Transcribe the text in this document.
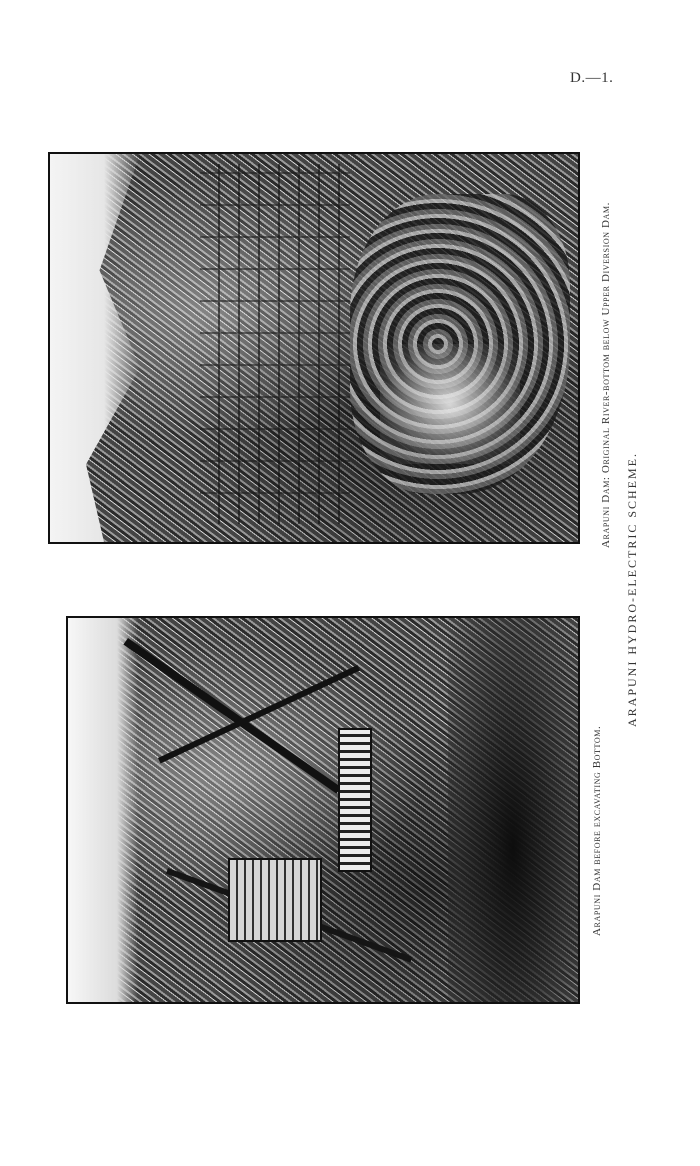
D.—1.
Arapuni Dam: Original River-bottom below Upper Diversion Dam.
Arapuni Dam before excavating Bottom.
ARAPUNI HYDRO-ELECTRIC SCHEME.
